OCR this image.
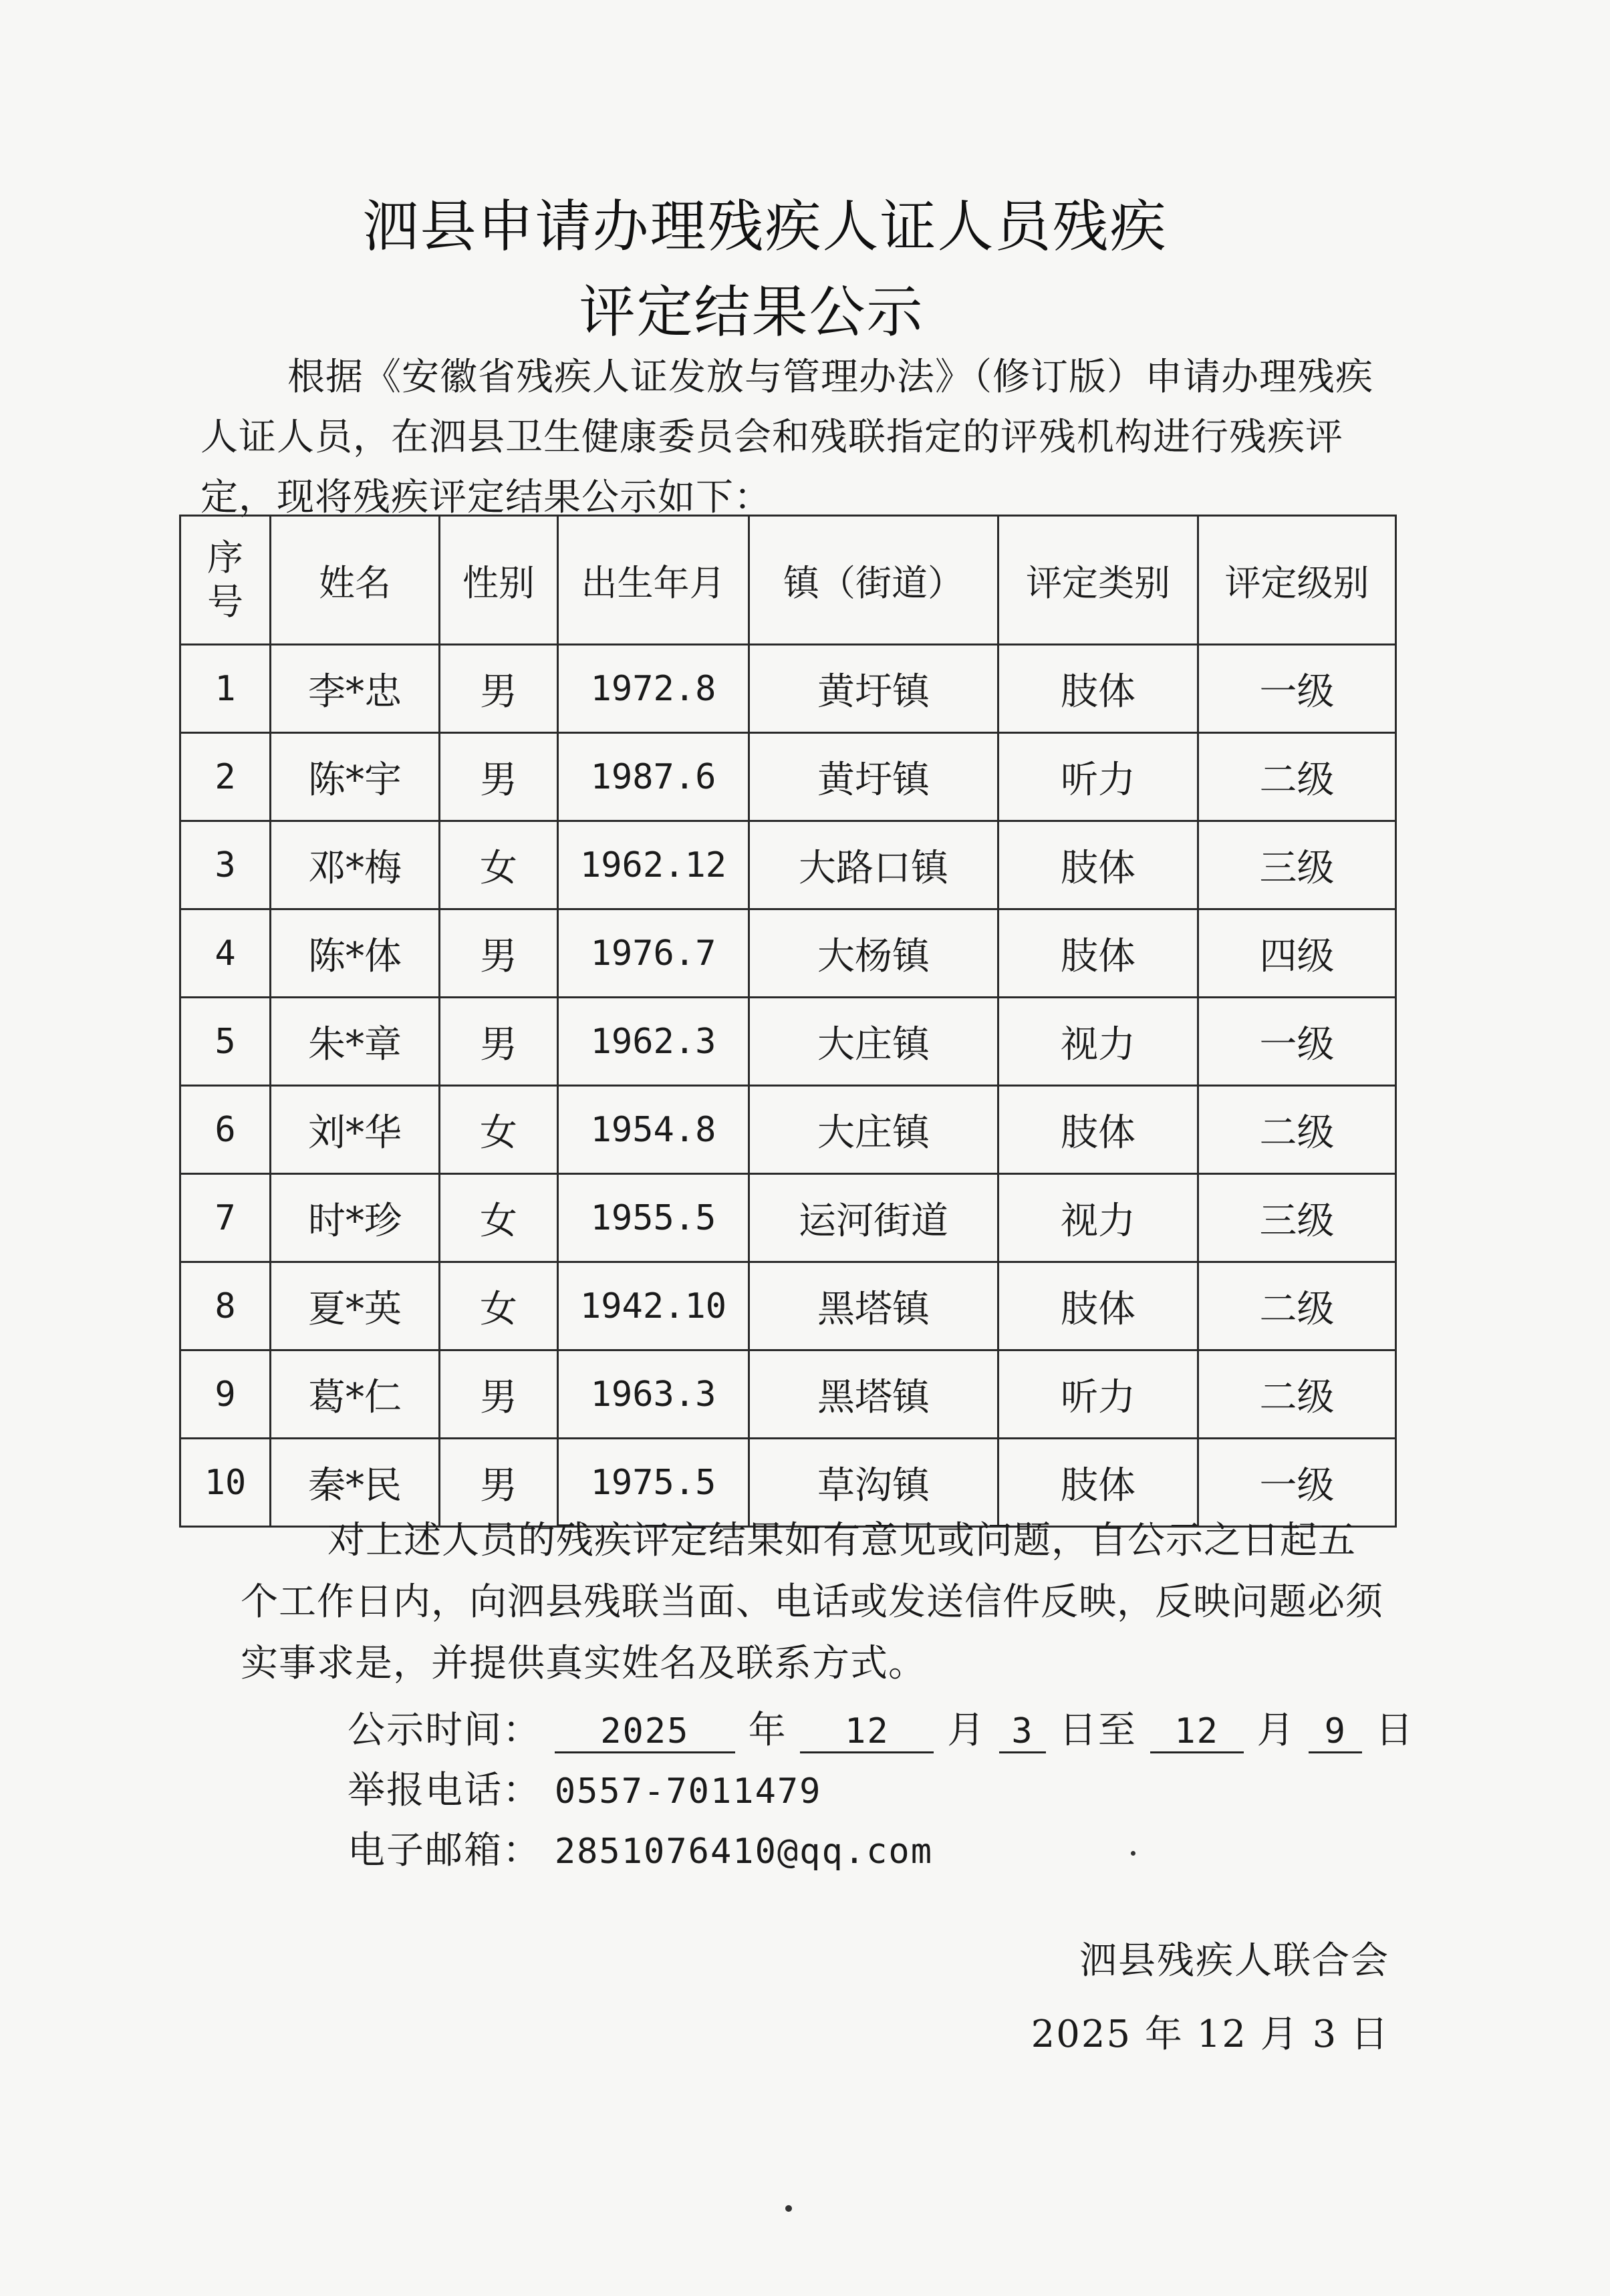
泗县申请办理残疾人证人员残疾
评定结果公示
根据《安徽省残疾人证发放与管理办法》（修订版）申请办理残疾人证人员，在泗县卫生健康委员会和残联指定的评残机构进行残疾评定，现将残疾评定结果公示如下：
序
号	姓名	性别	出生年月	镇（街道）	评定类别	评定级别
1	李*忠	男	1972.8	黄圩镇	肢体	一级
2	陈*宇	男	1987.6	黄圩镇	听力	二级
3	邓*梅	女	1962.12	大路口镇	肢体	三级
4	陈*体	男	1976.7	大杨镇	肢体	四级
5	朱*章	男	1962.3	大庄镇	视力	一级
6	刘*华	女	1954.8	大庄镇	肢体	二级
7	时*珍	女	1955.5	运河街道	视力	三级
8	夏*英	女	1942.10	黑塔镇	肢体	二级
9	葛*仁	男	1963.3	黑塔镇	听力	二级
10	秦*民	男	1975.5	草沟镇	肢体	一级
对上述人员的残疾评定结果如有意见或问题，自公示之日起五个工作日内，向泗县残联当面、电话或发送信件反映，反映问题必须实事求是，并提供真实姓名及联系方式。
公示时间： 2025 年 12 月 3 日至 12 月 9 日
举报电话： 0557-7011479
电子邮箱： 2851076410@qq.com
泗县残疾人联合会
2025 年 12 月 3 日
